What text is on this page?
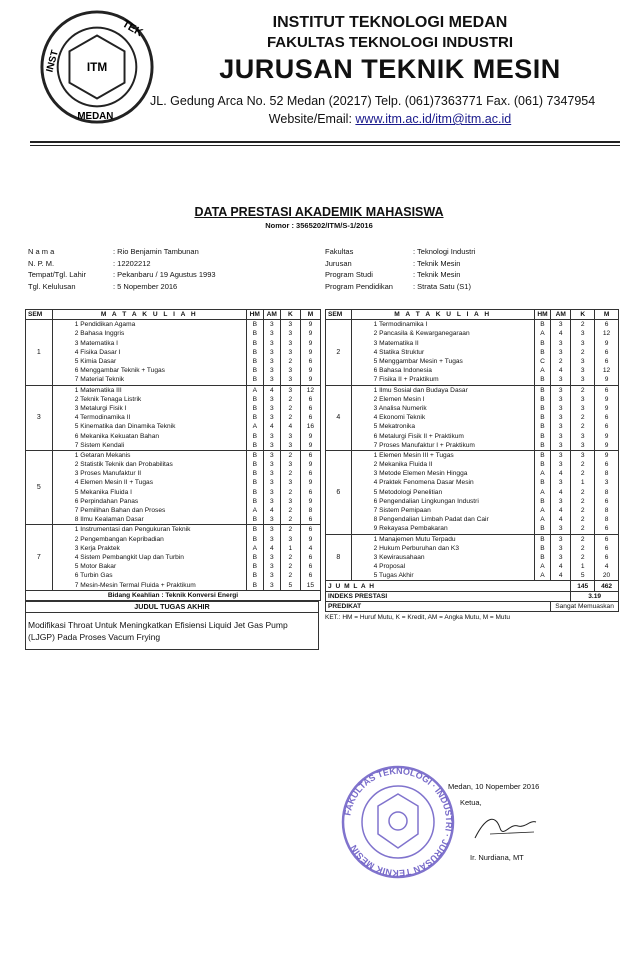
ITM
TEK
INST
MEDAN
INSTITUT TEKNOLOGI MEDAN
FAKULTAS TEKNOLOGI INDUSTRI
JURUSAN TEKNIK MESIN
JL. Gedung Arca No. 52 Medan (20217) Telp. (061)7363771 Fax. (061) 7347954
Website/Email: www.itm.ac.id/itm@itm.ac.id
DATA PRESTASI AKADEMIK MAHASISWA
Nomor : 3565202/ITM/S-1/2016
N a m a	: Rio Benjamin Tambunan
N. P. M.	: 12202212
Tempat/Tgl. Lahir	: Pekanbaru / 19 Agustus 1993
Tgl. Kelulusan	: 5 Nopember 2016
Fakultas	: Teknologi Industri
Jurusan	: Teknik Mesin
Program Studi	: Teknik Mesin
Program Pendidikan	: Strata Satu (S1)
SEM	M A T A K U L I A H	HM	AM	K	M
1	1 Pendidikan Agama	B	3	3	9
	2 Bahasa Inggris	B	3	3	9
	3 Matematika I	B	3	3	9
	4 Fisika Dasar I	B	3	3	9
	5 Kimia Dasar	B	3	2	6
	6 Menggambar Teknik + Tugas	B	3	3	9
	7 Material Teknik	B	3	3	9
3	1 Matematika III	A	4	3	12
	2 Teknik Tenaga Listrik	B	3	2	6
	3 Metalurgi Fisik I	B	3	2	6
	4 Termodinamika II	B	3	2	6
	5 Kinematika dan Dinamika Teknik	A	4	4	16
	6 Mekanika Kekuatan Bahan	B	3	3	9
	7 Sistem Kendali	B	3	3	9
5	1 Getaran Mekanis	B	3	2	6
	2 Statistik Teknik dan Probabilitas	B	3	3	9
	3 Proses Manufaktur II	B	3	2	6
	4 Elemen Mesin II + Tugas	B	3	3	9
	5 Mekanika Fluida I	B	3	2	6
	6 Perpindahan Panas	B	3	3	9
	7 Pemilihan Bahan dan Proses	A	4	2	8
	8 Ilmu Kealaman Dasar	B	3	2	6
7	1 Instrumentasi dan Pengukuran Teknik	B	3	2	6
	2 Pengembangan Kepribadian	B	3	3	9
	3 Kerja Praktek	A	4	1	4
	4 Sistem Pembangkit Uap dan Turbin	B	3	2	6
	5 Motor Bakar	B	3	2	6
	6 Turbin Gas	B	3	2	6
	7 Mesin-Mesin Termal Fluida + Praktikum	B	3	5	15
Bidang Keahlian : Teknik Konversi Energi					
SEM	M A T A K U L I A H	HM	AM	K	M
2	1 Termodinamika I	B	3	2	6
	2 Pancasila & Kewarganegaraan	A	4	3	12
	3 Matematika II	B	3	3	9
	4 Statika Struktur	B	3	2	6
	5 Menggambar Mesin + Tugas	C	2	3	6
	6 Bahasa Indonesia	A	4	3	12
	7 Fisika II + Praktikum	B	3	3	9
4	1 Ilmu Sosial dan Budaya Dasar	B	3	2	6
	2 Elemen Mesin I	B	3	3	9
	3 Analisa Numerik	B	3	3	9
	4 Ekonomi Teknik	B	3	2	6
	5 Mekatronika	B	3	2	6
	6 Metalurgi Fisik II + Praktikum	B	3	3	9
	7 Proses Manufaktur I + Praktikum	B	3	3	9
6	1 Elemen Mesin III + Tugas	B	3	3	9
	2 Mekanika Fluida II	B	3	2	6
	3 Metode Elemen Mesin Hingga	A	4	2	8
	4 Praktek Fenomena Dasar Mesin	B	3	1	3
	5 Metodologi Penelitian	A	4	2	8
	6 Pengendalian Lingkungan Industri	B	3	2	6
	7 Sistem Pemipaan	A	4	2	8
	8 Pengendalian Limbah Padat dan Cair	A	4	2	8
	9 Rekayasa Pembakaran	B	3	2	6
8	1 Manajemen Mutu Terpadu	B	3	2	6
	2 Hukum Perburuhan dan K3	B	3	2	6
	3 Kewirausahaan	B	3	2	6
	4 Proposal	A	4	1	4
	5 Tugas Akhir	A	4	5	20
J U M L A H				145	462
INDEKS PRESTASI				3.19	
PREDIKAT			Sangat Memuaskan		
JUDUL TUGAS AKHIR
Modifikasi Throat Untuk Meningkatkan Efisiensi Liquid Jet Gas Pump (LJGP) Pada Proses Vacum Frying
KET.: HM = Huruf Mutu, K = Kredit, AM = Angka Mutu, M = Mutu
FAKULTAS TEKNOLOGI · INDUSTRI · JURUSAN TEKNIK MESIN
Medan, 10 Nopember 2016
Ketua,
Ir. Nurdiana, MT
